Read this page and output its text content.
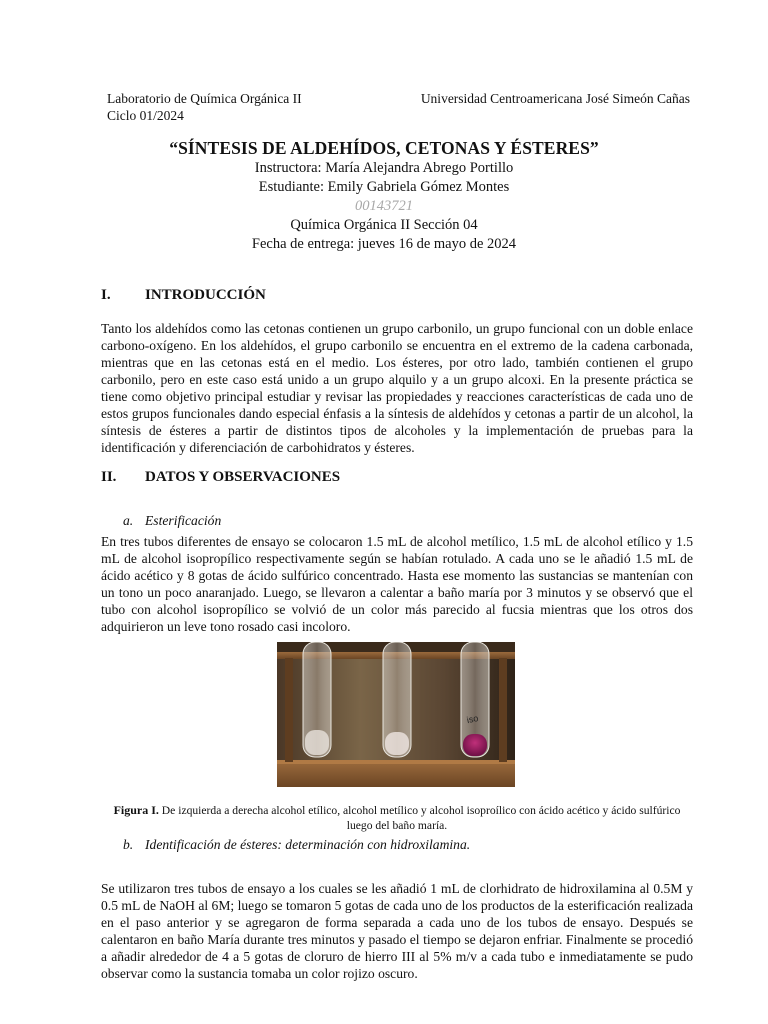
Laboratorio de Química Orgánica II
Ciclo 01/2024
Universidad Centroamericana José Simeón Cañas
“SÍNTESIS DE ALDEHÍDOS, CETONAS Y ÉSTERES”
Instructora: María Alejandra Abrego Portillo
Estudiante: Emily Gabriela Gómez Montes
00143721
Química Orgánica II Sección 04
Fecha de entrega: jueves 16 de mayo de 2024
I. INTRODUCCIÓN
Tanto los aldehídos como las cetonas contienen un grupo carbonilo, un grupo funcional con un doble enlace carbono-oxígeno. En los aldehídos, el grupo carbonilo se encuentra en el extremo de la cadena carbonada, mientras que en las cetonas está en el medio. Los ésteres, por otro lado, también contienen el grupo carbonilo, pero en este caso está unido a un grupo alquilo y a un grupo alcoxi. En la presente práctica se tiene como objetivo principal estudiar y revisar las propiedades y reacciones características de cada uno de estos grupos funcionales dando especial énfasis a la síntesis de aldehídos y cetonas a partir de un alcohol, la síntesis de ésteres a partir de distintos tipos de alcoholes y la implementación de pruebas para la identificación y diferenciación de carbohidratos y ésteres.
II. DATOS Y OBSERVACIONES
a. Esterificación
En tres tubos diferentes de ensayo se colocaron 1.5 mL de alcohol metílico, 1.5 mL de alcohol etílico y 1.5 mL de alcohol isopropílico respectivamente según se habían rotulado. A cada uno se le añadió 1.5 mL de ácido acético y 8 gotas de ácido sulfúrico concentrado. Hasta ese momento las sustancias se mantenían con un tono un poco anaranjado. Luego, se llevaron a calentar a baño maría por 3 minutos y se observó que el tubo con alcohol isopropílico se volvió de un color más parecido al fucsia mientras que los otros dos adquirieron un leve tono rosado casi incoloro.
iso
Figura I. De izquierda a derecha alcohol etílico, alcohol metílico y alcohol isoproílico con ácido acético y ácido sulfúrico luego del baño maría.
b. Identificación de ésteres: determinación con hidroxilamina.
Se utilizaron tres tubos de ensayo a los cuales se les añadió 1 mL de clorhidrato de hidroxilamina al 0.5M y 0.5 mL de NaOH al 6M; luego se tomaron 5 gotas de cada uno de los productos de la esterificación realizada en el paso anterior y se agregaron de forma separada a cada uno de los tubos de ensayo. Después se calentaron en baño María durante tres minutos y pasado el tiempo se dejaron enfriar. Finalmente se procedió a añadir alrededor de 4 a 5 gotas de cloruro de hierro III al 5% m/v a cada tubo e inmediatamente se pudo observar como la sustancia tomaba un color rojizo oscuro.
